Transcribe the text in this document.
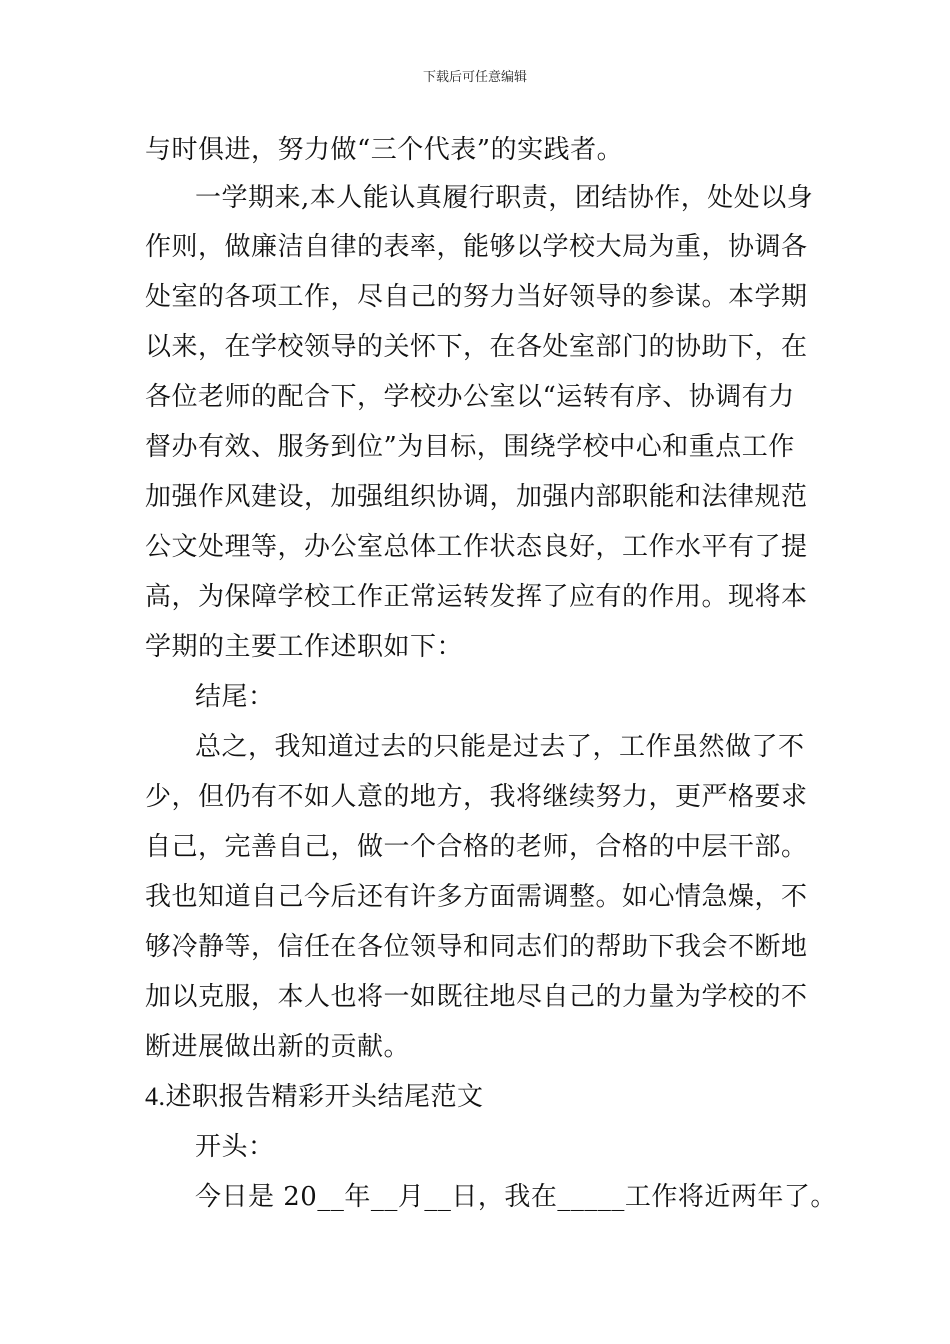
下载后可任意编辑
与时俱进，努力做“三个代表”的实践者。
一学期来,本人能认真履行职责，团结协作，处处以身
作则，做廉洁自律的表率，能够以学校大局为重，协调各
处室的各项工作，尽自己的努力当好领导的参谋。本学期
以来，在学校领导的关怀下，在各处室部门的协助下，在
各位老师的配合下，学校办公室以“运转有序、协调有力
督办有效、服务到位”为目标，围绕学校中心和重点工作
加强作风建设，加强组织协调，加强内部职能和法律规范
公文处理等，办公室总体工作状态良好，工作水平有了提
高，为保障学校工作正常运转发挥了应有的作用。现将本
学期的主要工作述职如下：
结尾：
总之，我知道过去的只能是过去了，工作虽然做了不
少，但仍有不如人意的地方，我将继续努力，更严格要求
自己，完善自己，做一个合格的老师，合格的中层干部。
我也知道自己今后还有许多方面需调整。如心情急燥，不
够冷静等，信任在各位领导和同志们的帮助下我会不断地
加以克服，本人也将一如既往地尽自己的力量为学校的不
断进展做出新的贡献。
4.述职报告精彩开头结尾范文
开头：
今日是 20__年__月__日，我在_____工作将近两年了。
